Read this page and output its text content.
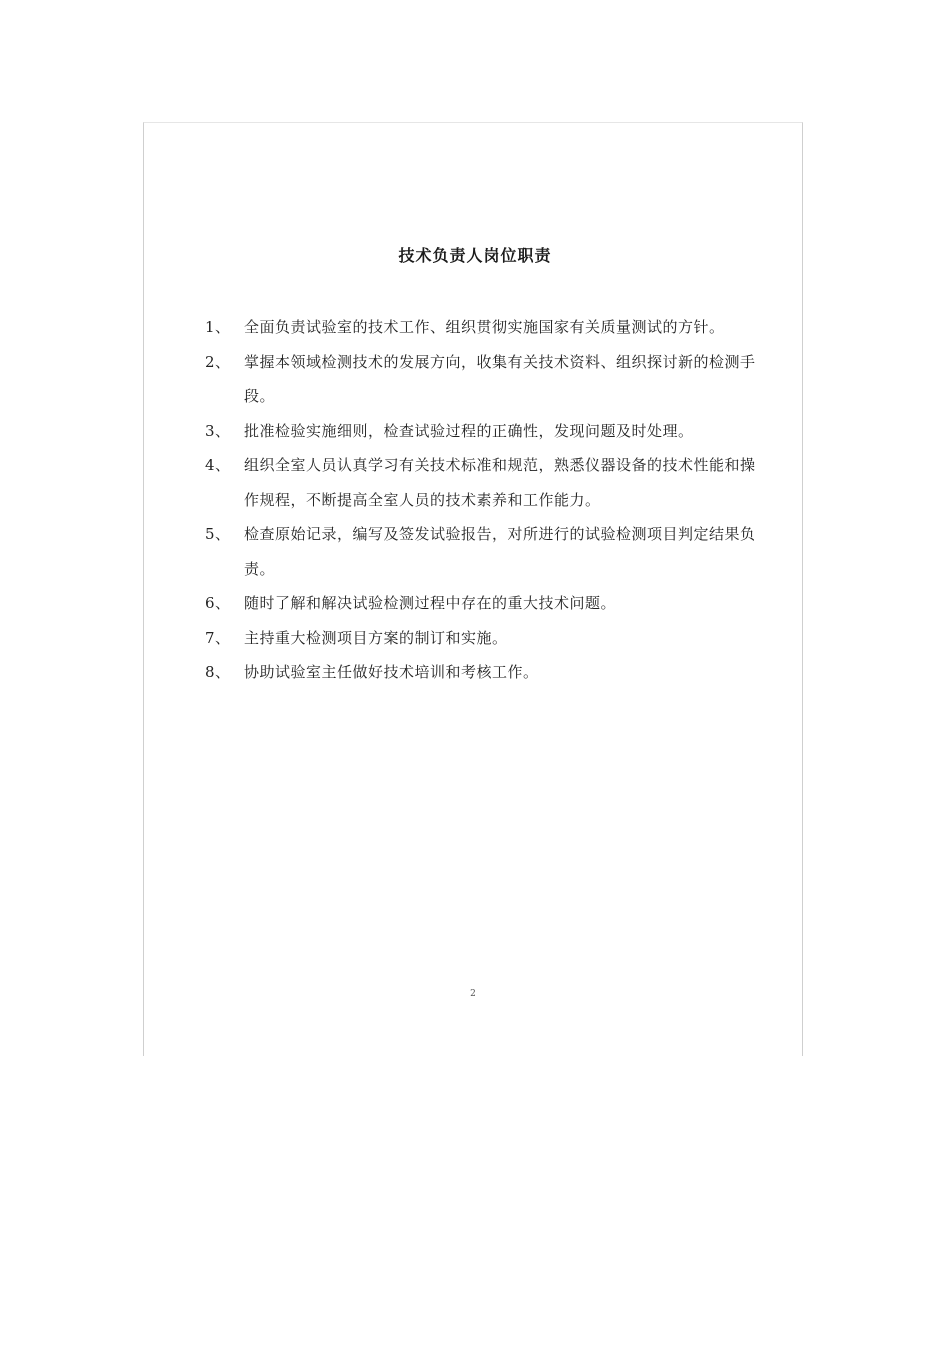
技术负责人岗位职责
1、 全面负责试验室的技术工作、组织贯彻实施国家有关质量测试的方针。
2、 掌握本领域检测技术的发展方向，收集有关技术资料、组织探讨新的检测手段。
3、 批准检验实施细则，检查试验过程的正确性，发现问题及时处理。
4、 组织全室人员认真学习有关技术标准和规范，熟悉仪器设备的技术性能和操作规程，不断提高全室人员的技术素养和工作能力。
5、 检查原始记录，编写及签发试验报告，对所进行的试验检测项目判定结果负责。
6、 随时了解和解决试验检测过程中存在的重大技术问题。
7、 主持重大检测项目方案的制订和实施。
8、 协助试验室主任做好技术培训和考核工作。
2
